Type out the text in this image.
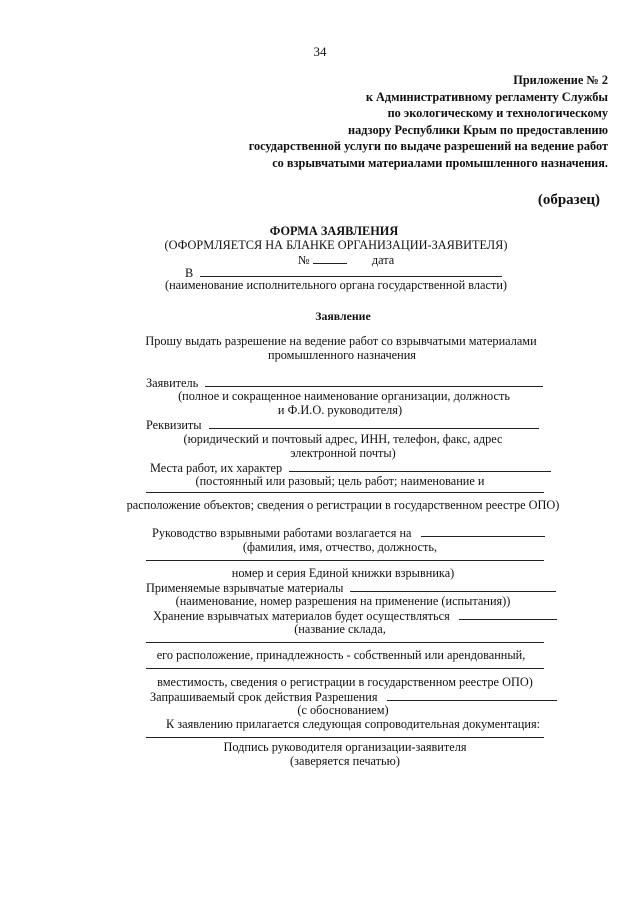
34
Приложение № 2
к Административному регламенту Службы
по экологическому и технологическому
надзору Республики Крым по предоставлению
государственной услуги по выдаче разрешений на ведение работ
со взрывчатыми материалами промышленного назначения.
(образец)
ФОРМА ЗАЯВЛЕНИЯ
(ОФОРМЛЯЕТСЯ НА БЛАНКЕ ОРГАНИЗАЦИИ-ЗАЯВИТЕЛЯ)
№	дата
В
(наименование исполнительного органа государственной власти)
Заявление
Прошу выдать разрешение на ведение работ со взрывчатыми материалами
промышленного назначения
Заявитель
(полное и сокращенное наименование организации, должность
и Ф.И.О. руководителя)
Реквизиты
(юридический и почтовый адрес, ИНН, телефон, факс, адрес
электронной почты)
Места работ, их характер
(постоянный или разовый; цель работ; наименование и
расположение объектов; сведения о регистрации в государственном реестре ОПО)
Руководство взрывными работами возлагается на
(фамилия, имя, отчество, должность,
номер и серия Единой книжки взрывника)
Применяемые взрывчатые материалы
(наименование, номер разрешения на применение (испытания))
Хранение взрывчатых материалов будет осуществляться
(название склада,
его расположение, принадлежность - собственный или арендованный,
вместимость, сведения о регистрации в государственном реестре ОПО)
Запрашиваемый срок действия Разрешения
(с обоснованием)
К заявлению прилагается следующая сопроводительная документация:
Подпись руководителя организации-заявителя
(заверяется печатью)
